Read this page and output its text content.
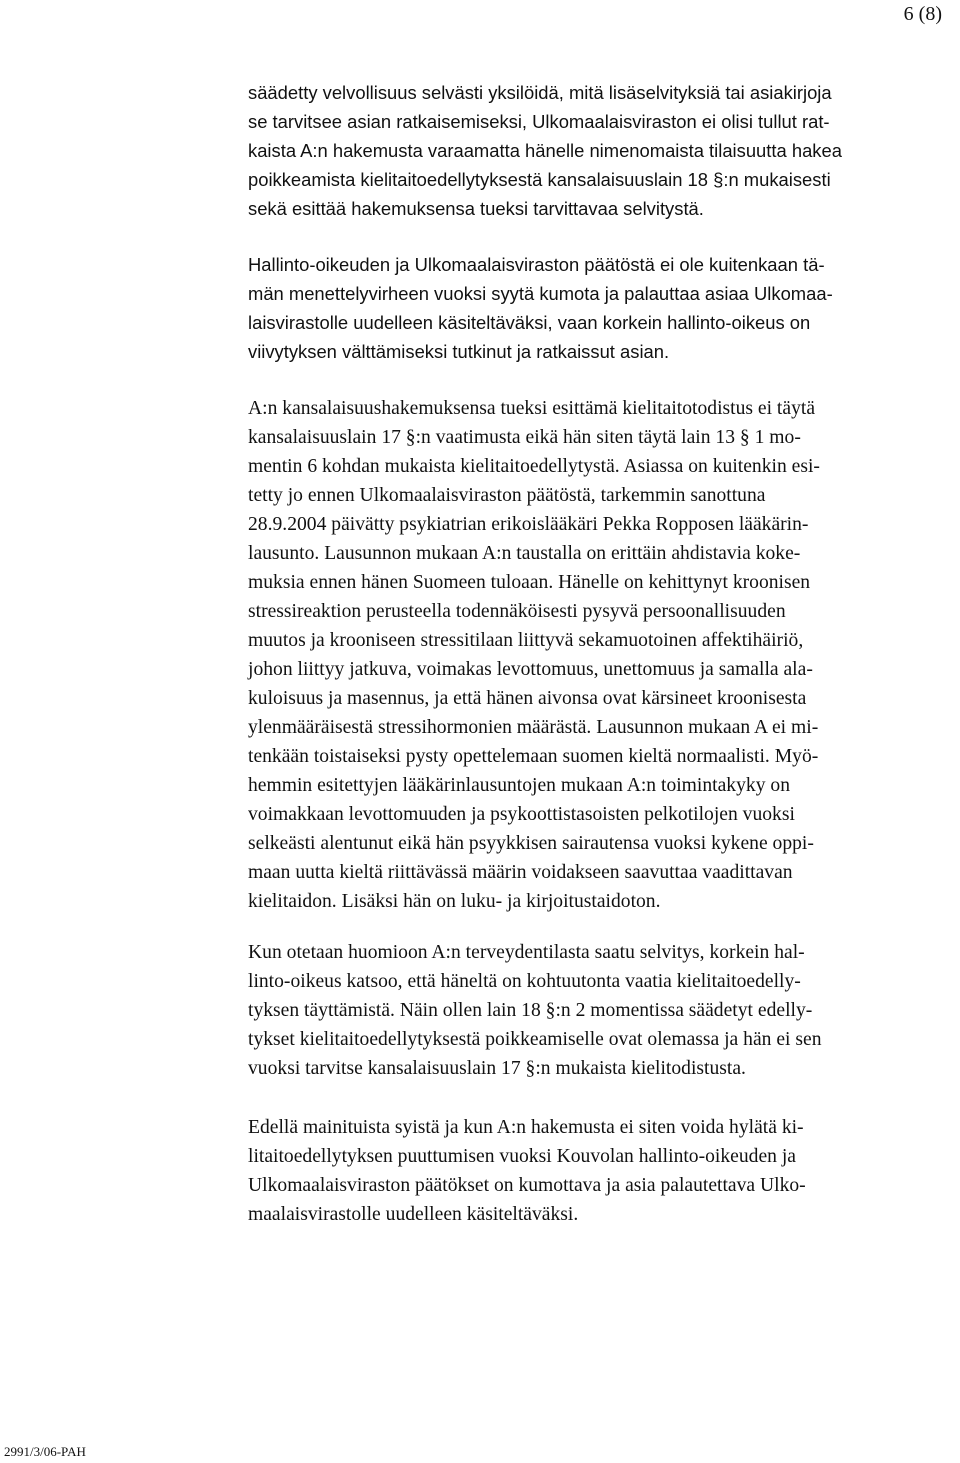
6 (8)
säädetty velvollisuus selvästi yksilöidä, mitä lisäselvityksiä tai asiakirjoja
se tarvitsee asian ratkaisemiseksi, Ulkomaalaisviraston ei olisi tullut rat-
kaista A:n hakemusta varaamatta hänelle nimenomaista tilaisuutta hakea
poikkeamista kielitaitoedellytyksestä kansalaisuuslain 18 §:n mukaisesti
sekä esittää hakemuksensa tueksi tarvittavaa selvitystä.
Hallinto-oikeuden ja Ulkomaalaisviraston päätöstä ei ole kuitenkaan tä-
män menettelyvirheen vuoksi syytä kumota ja palauttaa asiaa Ulkomaa-
laisvirastolle uudelleen käsiteltäväksi, vaan korkein hallinto-oikeus on
viivytyksen välttämiseksi tutkinut ja ratkaissut asian.
A:n kansalaisuushakemuksensa tueksi esittämä kielitaitotodistus ei täytä
kansalaisuuslain 17 §:n vaatimusta eikä hän siten täytä lain 13 § 1 mo-
mentin 6 kohdan mukaista kielitaitoedellytystä. Asiassa on kuitenkin esi-
tetty jo ennen Ulkomaalaisviraston päätöstä, tarkemmin sanottuna
28.9.2004 päivätty psykiatrian erikoislääkäri Pekka Ropposen lääkärin-
lausunto. Lausunnon mukaan A:n taustalla on erittäin ahdistavia koke-
muksia ennen hänen Suomeen tuloaan. Hänelle on kehittynyt kroonisen
stressireaktion perusteella todennäköisesti pysyvä persoonallisuuden
muutos ja krooniseen stressitilaan liittyvä sekamuotoinen affektihäiriö,
johon liittyy jatkuva, voimakas levottomuus, unettomuus ja samalla ala-
kuloisuus ja masennus, ja että hänen aivonsa ovat kärsineet kroonisesta
ylenmääräisestä stressihormonien määrästä. Lausunnon mukaan A ei mi-
tenkään toistaiseksi pysty opettelemaan suomen kieltä normaalisti. Myö-
hemmin esitettyjen lääkärinlausuntojen mukaan A:n toimintakyky on
voimakkaan levottomuuden ja psykoottistasoisten pelkotilojen vuoksi
selkeästi alentunut eikä hän psyykkisen sairautensa vuoksi kykene oppi-
maan uutta kieltä riittävässä määrin voidakseen saavuttaa vaadittavan
kielitaidon. Lisäksi hän on luku- ja kirjoitustaidoton.
Kun otetaan huomioon A:n terveydentilasta saatu selvitys, korkein hal-
linto-oikeus katsoo, että häneltä on kohtuutonta vaatia kielitaitoedelly-
tyksen täyttämistä. Näin ollen lain 18 §:n 2 momentissa säädetyt edelly-
tykset kielitaitoedellytyksestä poikkeamiselle ovat olemassa ja hän ei sen
vuoksi tarvitse kansalaisuuslain 17 §:n mukaista kielitodistusta.
Edellä mainituista syistä ja kun A:n hakemusta ei siten voida hylätä ki-
litaitoedellytyksen puuttumisen vuoksi Kouvolan hallinto-oikeuden ja
Ulkomaalaisviraston päätökset on kumottava ja asia palautettava Ulko-
maalaisvirastolle uudelleen käsiteltäväksi.
2991/3/06-PAH
